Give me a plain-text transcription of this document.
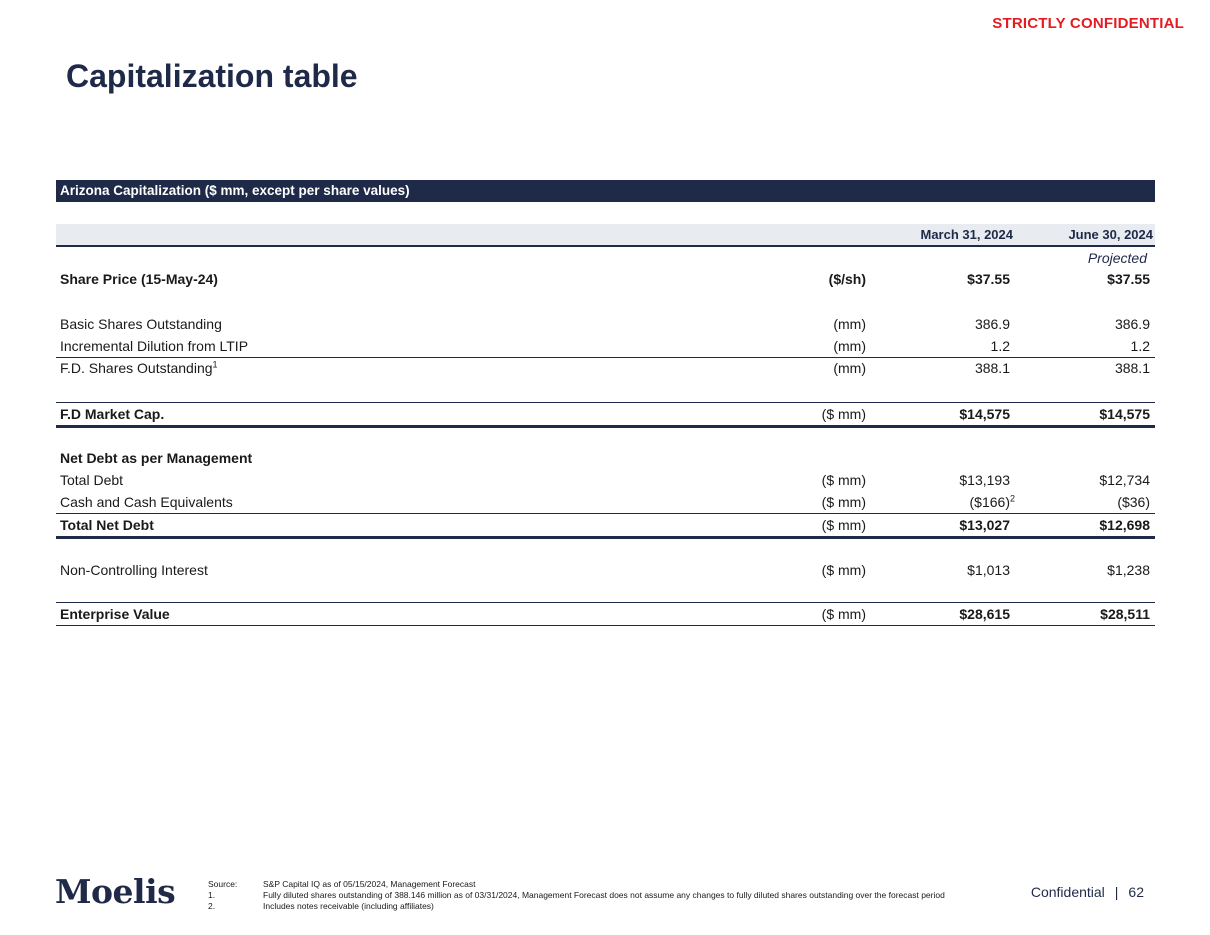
STRICTLY CONFIDENTIAL
Capitalization table
Arizona Capitalization ($ mm, except per share values)
March 31, 2024	June 30, 2024
Projected
Share Price (15-May-24)	($/sh)	$37.55	$37.55
Basic Shares Outstanding	(mm)	386.9	386.9
Incremental Dilution from LTIP	(mm)	1.2	1.2
F.D. Shares Outstanding$^1$	(mm)	388.1	388.1
F.D Market Cap.	($ mm)	$14,575	$14,575
Net Debt as per Management
Total Debt	($ mm)	$13,193	$12,734
Cash and Cash Equivalents	($ mm)	($166)$^2$	($36)
Total Net Debt	($ mm)	$13,027	$12,698
Non-Controlling Interest	($ mm)	$1,013	$1,238
Enterprise Value	($ mm)	$28,615	$28,511
Moelis	Source:	S&P Capital IQ as of 05/15/2024, Management Forecast
1.	Fully diluted shares outstanding of 388.146 million as of 03/31/2024, Management Forecast does not assume any changes to fully diluted shares outstanding over the forecast period
2.	Includes notes receivable (including affiliates)
Confidential | 62
